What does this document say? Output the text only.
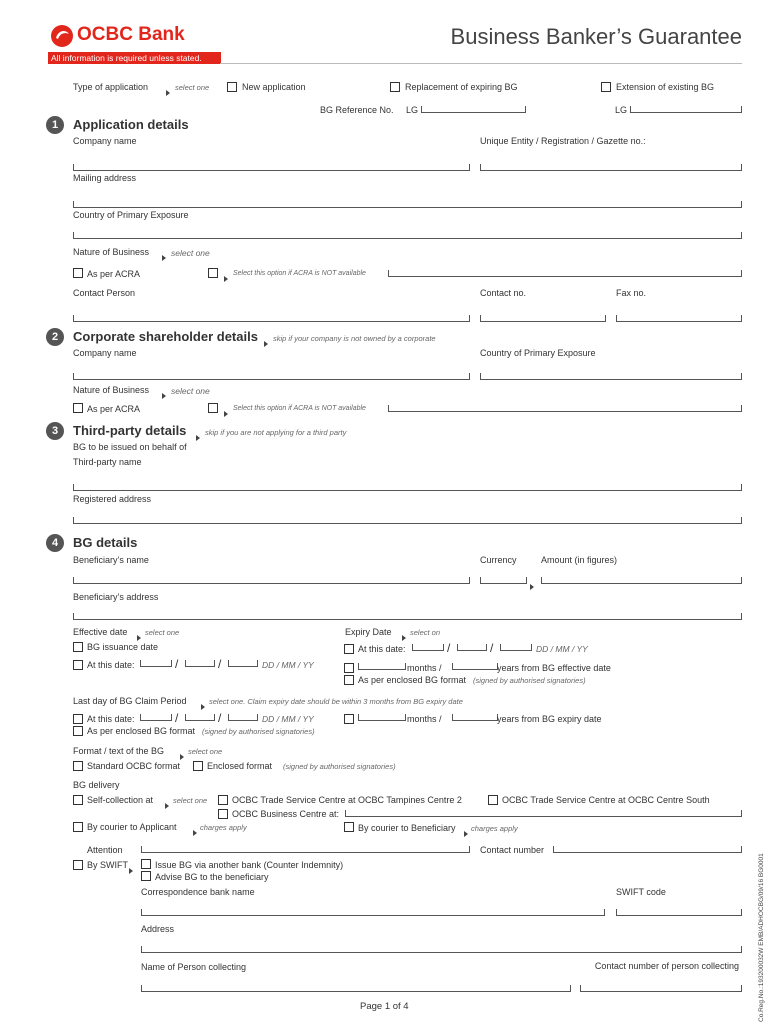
OCBC Bank	Business Banker’s Guarantee
All information is required unless stated.
Type of application	select one	New application	Replacement of expiring BG	Extension of existing BG
BG Reference No. LG	LG
1	Application details
Company name	Unique Entity / Registration / Gazette no.:
Mailing address
Country of Primary Exposure
Nature of Business	select one
As per ACRA	Select this option if ACRA is NOT available
Contact Person	Contact no.	Fax no.
2	Corporate shareholder details skip if your company is not owned by a corporate
Company name	Country of Primary Exposure
Nature of Business	select one
As per ACRA	Select this option if ACRA is NOT available
3	Third-party details skip if you are not applying for a third party
BG to be issued on behalf of
Third-party name
Registered address
4	BG details
Beneficiary’s name	Currency	Amount (in figures)
Beneficiary’s address
Effective date select one
BG issuance date
At this date:	/	/	DD / MM / YY
Expiry Date select on
At this date:	/	/	DD / MM / YY
months /	years from BG effective date
As per enclosed BG format (signed by authorised signatories)
Last day of BG Claim Period	select one. Claim expiry date should be within 3 months from BG expiry date
At this date:	/	/	DD / MM / YY	months /	years from BG expiry date
As per enclosed BG format (signed by authorised signatories)
Format / text of the BG	select one
Standard OCBC format	Enclosed format (signed by authorised signatories)
BG delivery
Self-collection at	select one	OCBC Trade Service Centre at OCBC Tampines Centre 2	OCBC Trade Service Centre at OCBC Centre South
OCBC Business Centre at:
By courier to Applicant	charges apply	By courier to Beneficiary charges apply
Attention	Contact number
By SWIFT	Issue BG via another bank (Counter Indemnity)
Advise BG to the beneficiary
Correspondence bank name	SWIFT code
Address
Name of Person collecting	Contact number of person collecting
Page 1 of 4	Co.Reg.No.:193200032W EMB/ADHOCBG/09/16 BG0001
